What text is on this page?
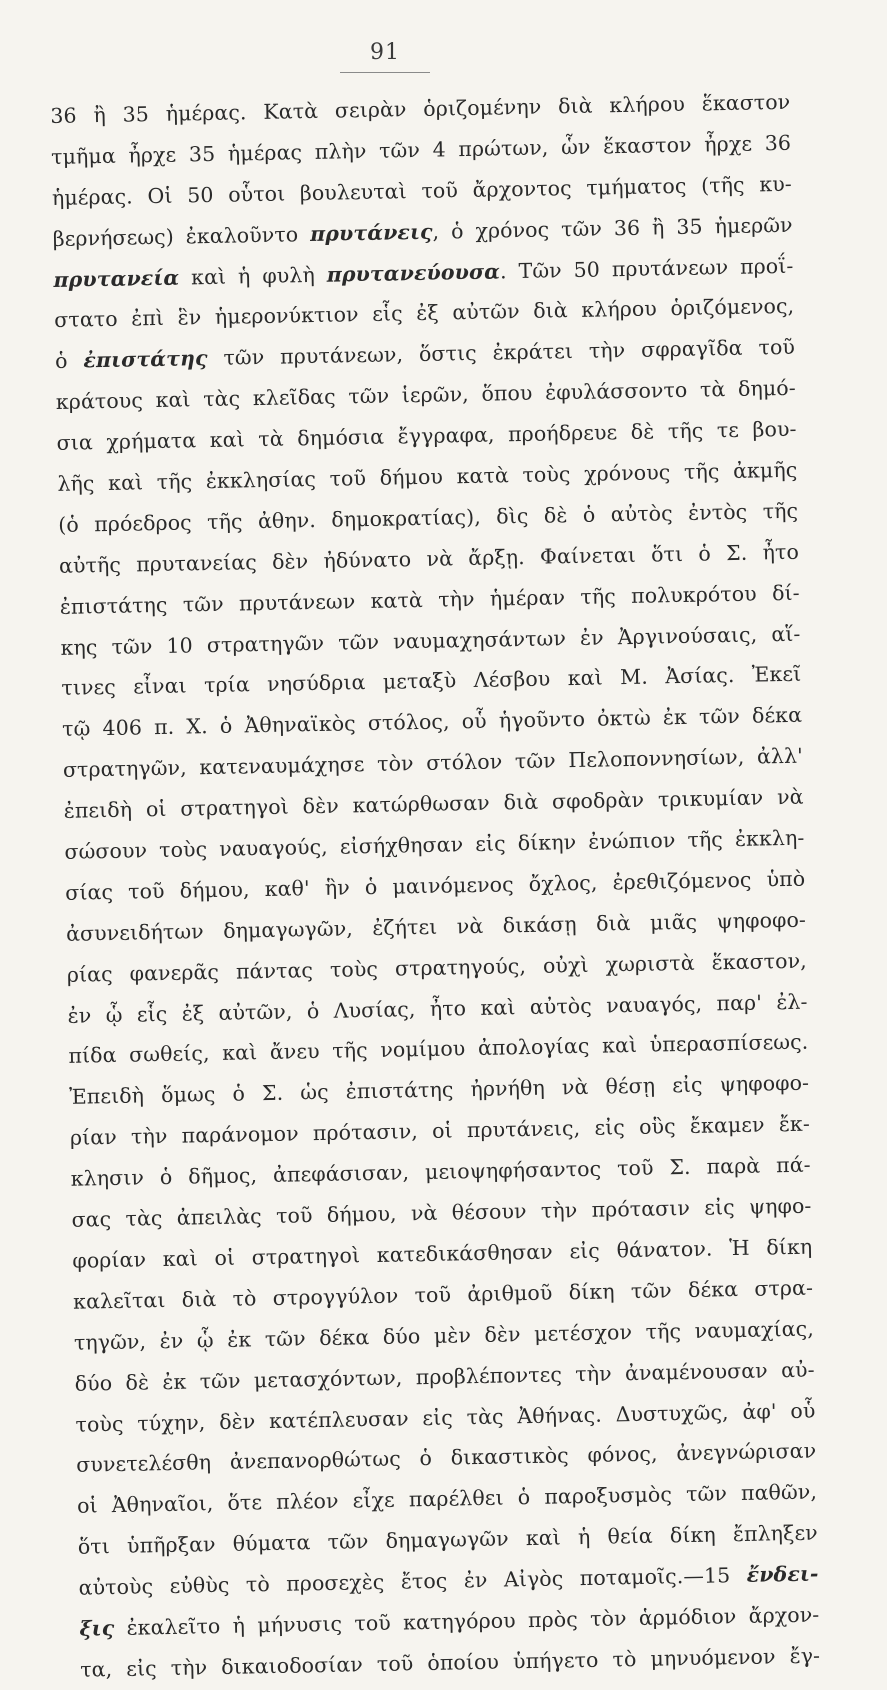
91
36 ἢ 35 ἡμέρας. Κατὰ σειρὰν ὁριζομένην διὰ κλήρου ἕκαστον
τμῆμα ἦρχε 35 ἡμέρας πλὴν τῶν 4 πρώτων, ὧν ἕκαστον ἦρχε 36
ἡμέρας. Οἱ 50 οὗτοι βουλευταὶ τοῦ ἄρχοντος τμήματος (τῆς κυ-
βερνήσεως) ἐκαλοῦντο πρυτάνεις, ὁ χρόνος τῶν 36 ἢ 35 ἡμερῶν
πρυτανεία καὶ ἡ φυλὴ πρυτανεύουσα. Τῶν 50 πρυτάνεων προΐ-
στατο ἐπὶ ἓν ἡμερονύκτιον εἷς ἐξ αὐτῶν διὰ κλήρου ὁριζόμενος,
ὁ ἐπιστάτης τῶν πρυτάνεων, ὅστις ἐκράτει τὴν σφραγῖδα τοῦ
κράτους καὶ τὰς κλεῖδας τῶν ἱερῶν, ὅπου ἐφυλάσσοντο τὰ δημό-
σια χρήματα καὶ τὰ δημόσια ἔγγραφα, προήδρευε δὲ τῆς τε βου-
λῆς καὶ τῆς ἐκκλησίας τοῦ δήμου κατὰ τοὺς χρόνους τῆς ἀκμῆς
(ὁ πρόεδρος τῆς ἀθην. δημοκρατίας), δὶς δὲ ὁ αὐτὸς ἐντὸς τῆς
αὐτῆς πρυτανείας δὲν ἠδύνατο νὰ ἄρξῃ. Φαίνεται ὅτι ὁ Σ. ἦτο
ἐπιστάτης τῶν πρυτάνεων κατὰ τὴν ἡμέραν τῆς πολυκρότου δί-
κης τῶν 10 στρατηγῶν τῶν ναυμαχησάντων ἐν Ἀργινούσαις, αἵ-
τινες εἶναι τρία νησύδρια μεταξὺ Λέσβου καὶ Μ. Ἀσίας. Ἐκεῖ
τῷ 406 π. Χ. ὁ Ἀθηναϊκὸς στόλος, οὗ ἡγοῦντο ὀκτὼ ἐκ τῶν δέκα
στρατηγῶν, κατεναυμάχησε τὸν στόλον τῶν Πελοποννησίων, ἀλλ'
ἐπειδὴ οἱ στρατηγοὶ δὲν κατώρθωσαν διὰ σφοδρὰν τρικυμίαν νὰ
σώσουν τοὺς ναυαγούς, εἰσήχθησαν εἰς δίκην ἐνώπιον τῆς ἐκκλη-
σίας τοῦ δήμου, καθ' ἣν ὁ μαινόμενος ὄχλος, ἐρεθιζόμενος ὑπὸ
ἀσυνειδήτων δημαγωγῶν, ἐζήτει νὰ δικάσῃ διὰ μιᾶς ψηφοφο-
ρίας φανερᾶς πάντας τοὺς στρατηγούς, οὐχὶ χωριστὰ ἕκαστον,
ἐν ᾧ εἷς ἐξ αὐτῶν, ὁ Λυσίας, ἦτο καὶ αὐτὸς ναυαγός, παρ' ἐλ-
πίδα σωθείς, καὶ ἄνευ τῆς νομίμου ἀπολογίας καὶ ὑπερασπίσεως.
Ἐπειδὴ ὅμως ὁ Σ. ὡς ἐπιστάτης ἠρνήθη νὰ θέσῃ εἰς ψηφοφο-
ρίαν τὴν παράνομον πρότασιν, οἱ πρυτάνεις, εἰς οὓς ἔκαμεν ἔκ-
κλησιν ὁ δῆμος, ἀπεφάσισαν, μειοψηφήσαντος τοῦ Σ. παρὰ πά-
σας τὰς ἀπειλὰς τοῦ δήμου, νὰ θέσουν τὴν πρότασιν εἰς ψηφο-
φορίαν καὶ οἱ στρατηγοὶ κατεδικάσθησαν εἰς θάνατον. Ἡ δίκη
καλεῖται διὰ τὸ στρογγύλον τοῦ ἀριθμοῦ δίκη τῶν δέκα στρα-
τηγῶν, ἐν ᾧ ἐκ τῶν δέκα δύο μὲν δὲν μετέσχον τῆς ναυμαχίας,
δύο δὲ ἐκ τῶν μετασχόντων, προβλέποντες τὴν ἀναμένουσαν αὐ-
τοὺς τύχην, δὲν κατέπλευσαν εἰς τὰς Ἀθήνας. Δυστυχῶς, ἀφ' οὗ
συνετελέσθη ἀνεπανορθώτως ὁ δικαστικὸς φόνος, ἀνεγνώρισαν
οἱ Ἀθηναῖοι, ὅτε πλέον εἶχε παρέλθει ὁ παροξυσμὸς τῶν παθῶν,
ὅτι ὑπῆρξαν θύματα τῶν δημαγωγῶν καὶ ἡ θεία δίκη ἔπληξεν
αὐτοὺς εὐθὺς τὸ προσεχὲς ἔτος ἐν Αἰγὸς ποταμοῖς.—15 ἔνδει-
ξις ἐκαλεῖτο ἡ μήνυσις τοῦ κατηγόρου πρὸς τὸν ἁρμόδιον ἄρχον-
τα, εἰς τὴν δικαιοδοσίαν τοῦ ὁποίου ὑπήγετο τὸ μηνυόμενον ἔγ-
